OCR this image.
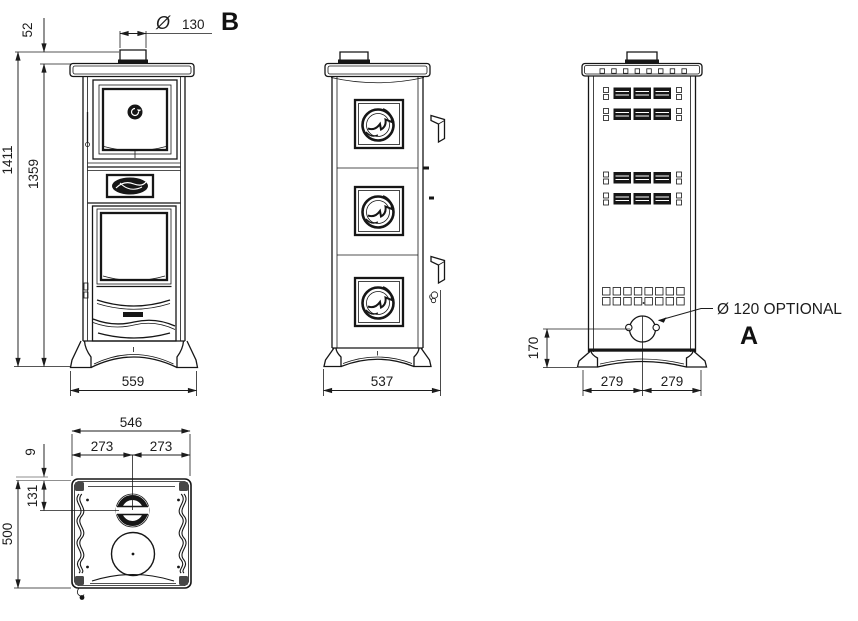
52
1411 1359
Ø 130
559
B
537
170
279	279
Ø 120 OPTIONAL
A
546
273	273
9
131
500
